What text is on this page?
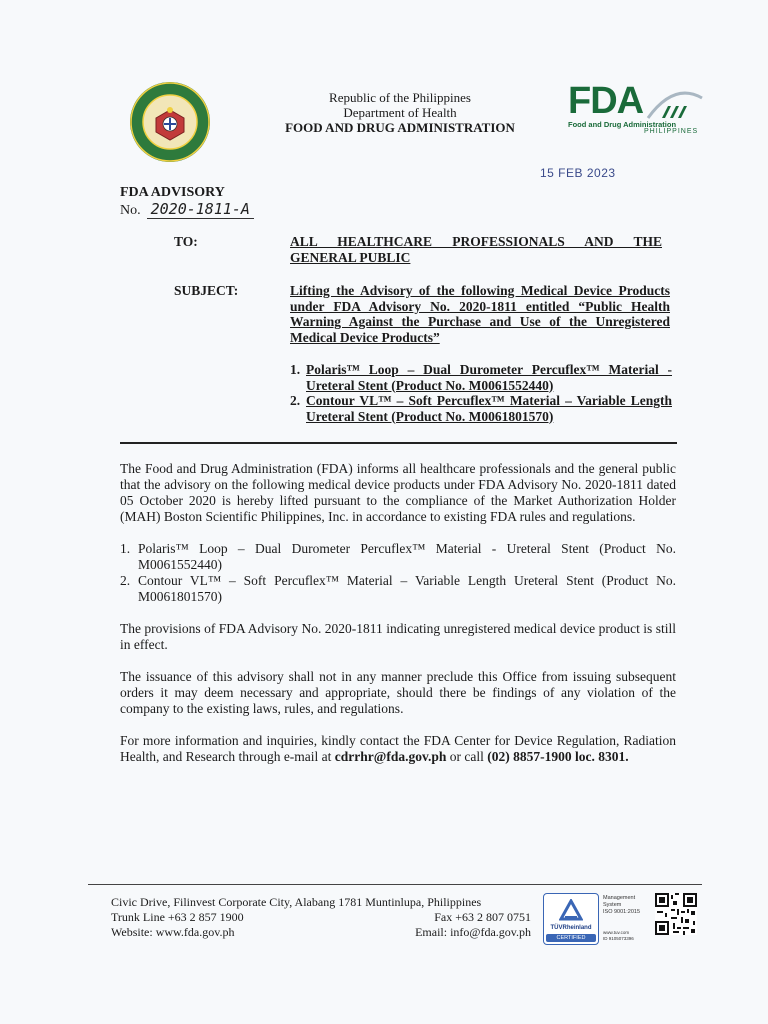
Republic of the Philippines
Department of Health
FOOD AND DRUG ADMINISTRATION
FDA
Food and Drug Administration
PHILIPPINES
15 FEB 2023
FDA ADVISORY
No. 2020-1811-A
TO:	ALL HEALTHCARE PROFESSIONALS AND THE GENERAL PUBLIC
SUBJECT:	Lifting the Advisory of the following Medical Device Products under FDA Advisory No. 2020-1811 entitled “Public Health Warning Against the Purchase and Use of the Unregistered Medical Device Products”
1. Polaris™ Loop – Dual Durometer Percuflex™ Material - Ureteral Stent (Product No. M0061552440)
2. Contour VL™ – Soft Percuflex™ Material – Variable Length Ureteral Stent (Product No. M0061801570)

The Food and Drug Administration (FDA) informs all healthcare professionals and the general public that the advisory on the following medical device products under FDA Advisory No. 2020-1811 dated 05 October 2020 is hereby lifted pursuant to the compliance of the Market Authorization Holder (MAH) Boston Scientific Philippines, Inc. in accordance to existing FDA rules and regulations.

1. Polaris™ Loop – Dual Durometer Percuflex™ Material - Ureteral Stent (Product No. M0061552440)
2. Contour VL™ – Soft Percuflex™ Material – Variable Length Ureteral Stent (Product No. M0061801570)

The provisions of FDA Advisory No. 2020-1811 indicating unregistered medical device product is still in effect.

The issuance of this advisory shall not in any manner preclude this Office from issuing subsequent orders it may deem necessary and appropriate, should there be findings of any violation of the company to the existing laws, rules, and regulations.

For more information and inquiries, kindly contact the FDA Center for Device Regulation, Radiation Health, and Research through e-mail at cdrrhr@fda.gov.ph or call (02) 8857-1900 loc. 8301.

Civic Drive, Filinvest Corporate City, Alabang 1781 Muntinlupa, Philippines
Trunk Line +63 2 857 1900	Fax +63 2 807 0751
Website: www.fda.gov.ph	Email: info@fda.gov.ph	TÜVRheinland
CERTIFIED
Management
System
ISO 9001:2015
www.tuv.com
ID 9105073396
